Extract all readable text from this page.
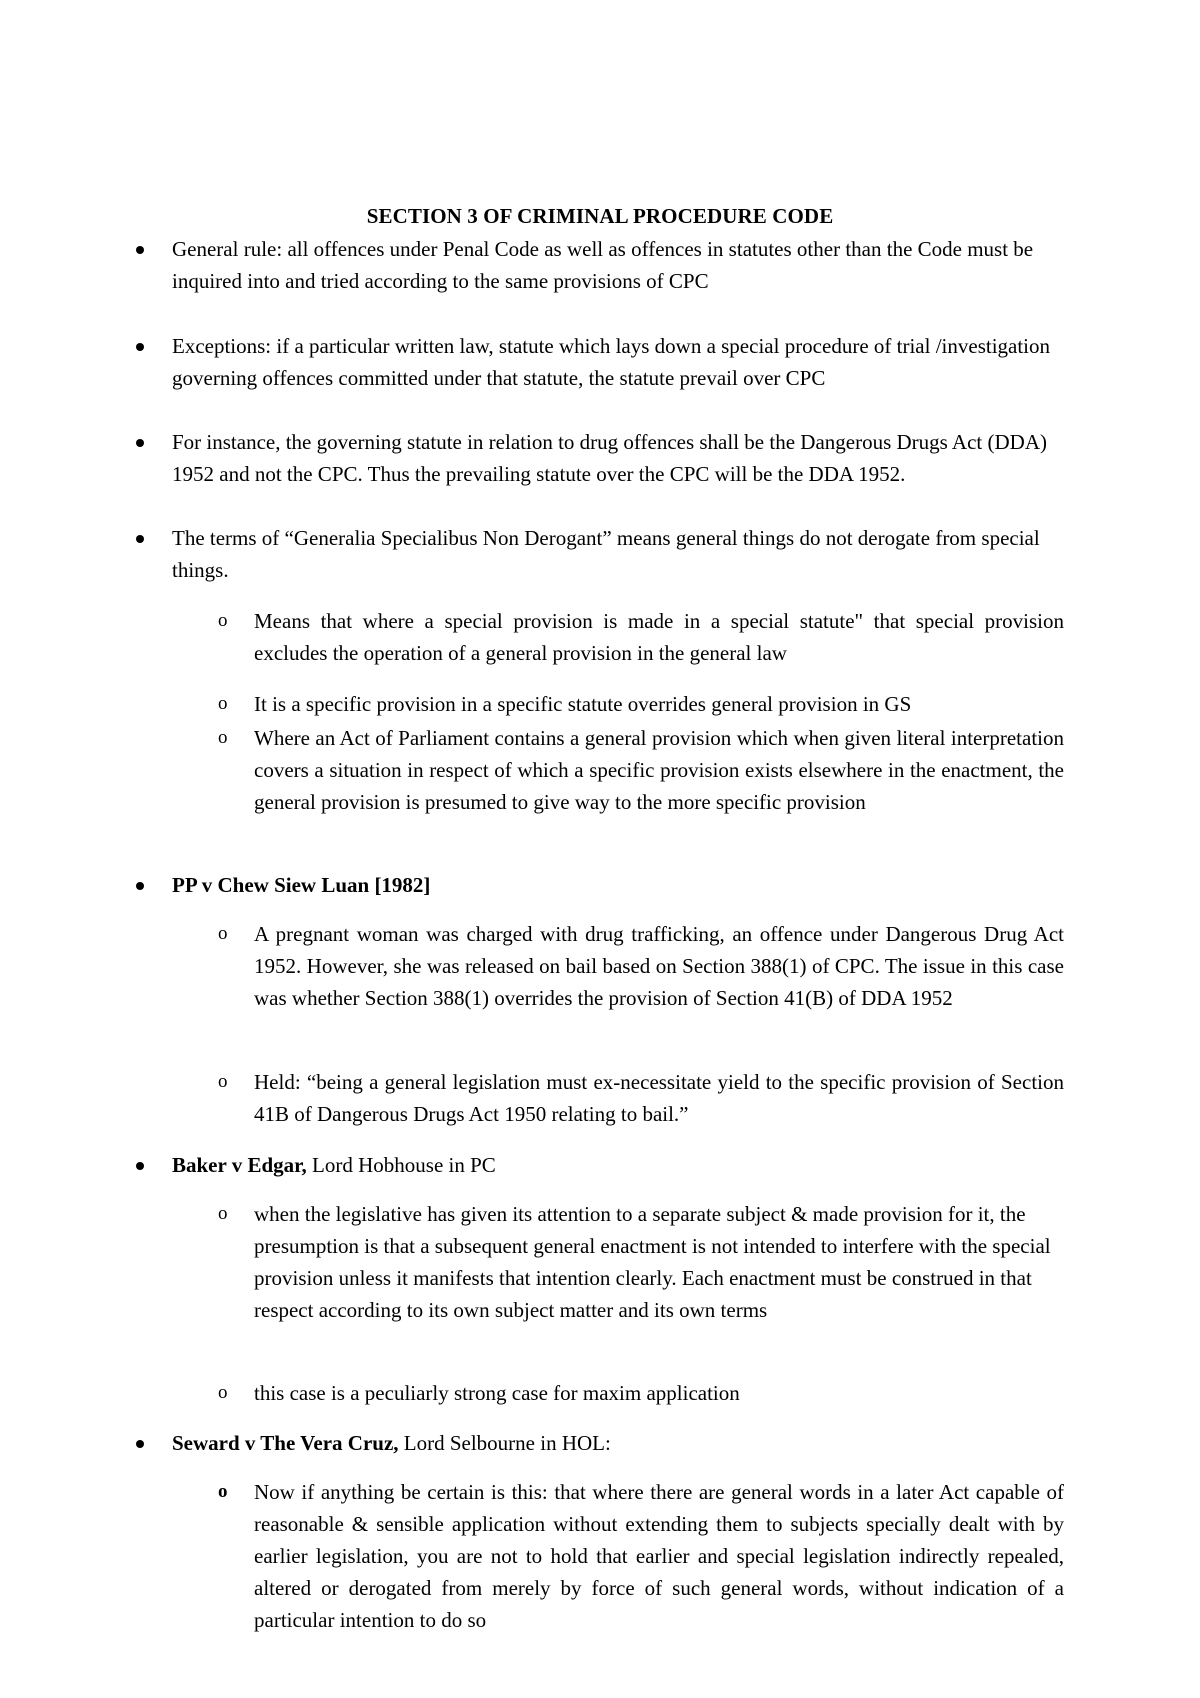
SECTION 3 OF CRIMINAL PROCEDURE CODE
General rule: all offences under Penal Code as well as offences in statutes other than the Code must be inquired into and tried according to the same provisions of CPC
Exceptions: if a particular written law, statute which lays down a special procedure of trial /investigation governing offences committed under that statute, the statute prevail over CPC
For instance, the governing statute in relation to drug offences shall be the Dangerous Drugs Act (DDA) 1952 and not the CPC. Thus the prevailing statute over the CPC will be the DDA 1952.
The terms of “Generalia Specialibus Non Derogant” means general things do not derogate from special things.
o Means that where a special provision is made in a special statute" that special provision excludes the operation of a general provision in the general law
o It is a specific provision in a specific statute overrides general provision in GS
o Where an Act of Parliament contains a general provision which when given literal interpretation covers a situation in respect of which a specific provision exists elsewhere in the enactment, the general provision is presumed to give way to the more specific provision
PP v Chew Siew Luan [1982]
o A pregnant woman was charged with drug trafficking, an offence under Dangerous Drug Act 1952. However, she was released on bail based on Section 388(1) of CPC. The issue in this case was whether Section 388(1) overrides the provision of Section 41(B) of DDA 1952
o Held: “being a general legislation must ex-necessitate yield to the specific provision of Section 41B of Dangerous Drugs Act 1950 relating to bail.”
Baker v Edgar, Lord Hobhouse in PC
o when the legislative has given its attention to a separate subject & made provision for it, the presumption is that a subsequent general enactment is not intended to interfere with the special provision unless it manifests that intention clearly. Each enactment must be construed in that respect according to its own subject matter and its own terms
o this case is a peculiarly strong case for maxim application
Seward v The Vera Cruz, Lord Selbourne in HOL:
o Now if anything be certain is this: that where there are general words in a later Act capable of reasonable & sensible application without extending them to subjects specially dealt with by earlier legislation, you are not to hold that earlier and special legislation indirectly repealed, altered or derogated from merely by force of such general words, without indication of a particular intention to do so
